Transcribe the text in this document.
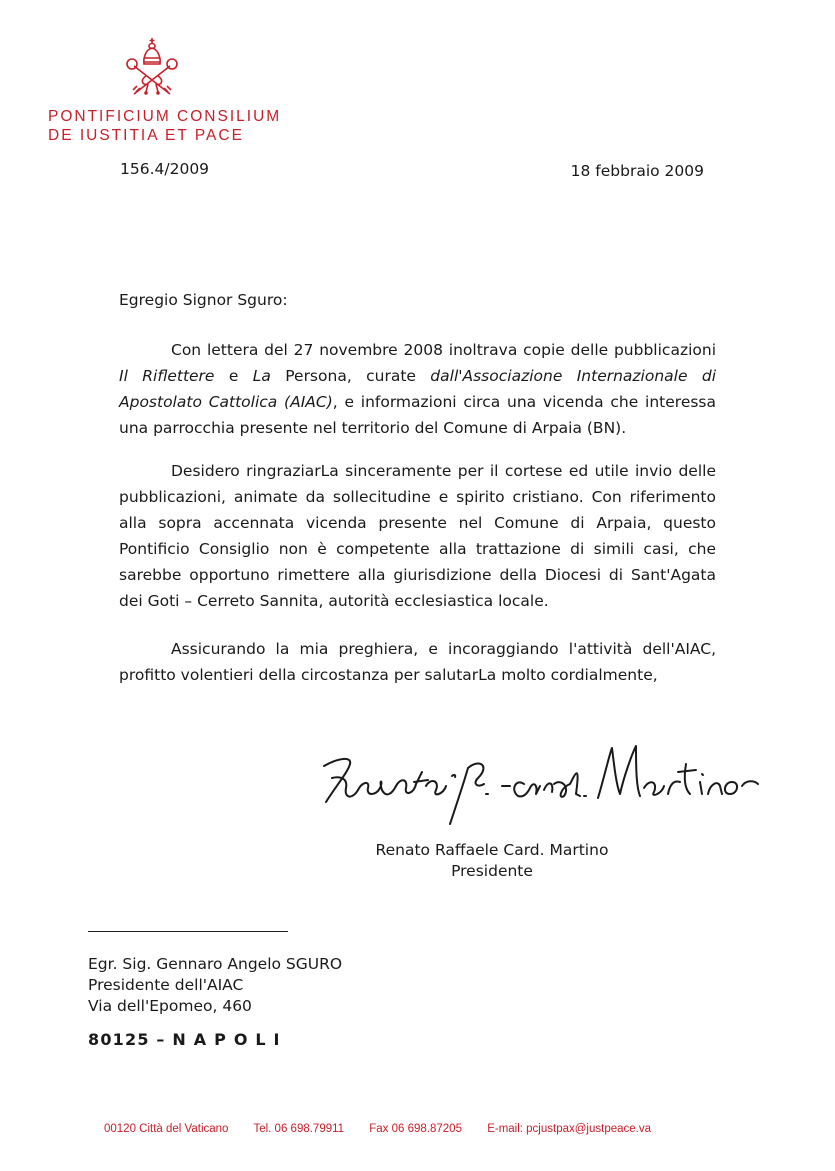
PONTIFICIUM CONSILIUM
DE IUSTITIA ET PACE
156.4/2009	18 febbraio 2009
Egregio Signor Sguro:
Con lettera del 27 novembre 2008 inoltrava copie delle pubblicazioni
Il Riflettere e La Persona, curate dall'Associazione Internazionale di
Apostolato Cattolica (AIAC), e informazioni circa una vicenda che interessa
una parrocchia presente nel territorio del Comune di Arpaia (BN).
Desidero ringraziarLa sinceramente per il cortese ed utile invio delle
pubblicazioni, animate da sollecitudine e spirito cristiano. Con riferimento
alla sopra accennata vicenda presente nel Comune di Arpaia, questo
Pontificio Consiglio non è competente alla trattazione di simili casi, che
sarebbe opportuno rimettere alla giurisdizione della Diocesi di Sant'Agata
dei Goti – Cerreto Sannita, autorità ecclesiastica locale.
Assicurando la mia preghiera, e incoraggiando l'attività dell'AIAC,
profitto volentieri della circostanza per salutarLa molto cordialmente,
Renato Raffaele Card. Martino
Presidente
Egr. Sig. Gennaro Angelo SGURO
Presidente dell'AIAC
Via dell'Epomeo, 460
80125 – N A P O L I
00120 Città del Vaticano Tel. 06 698.79911 Fax 06 698.87205 E-mail: pcjustpax@justpeace.va
